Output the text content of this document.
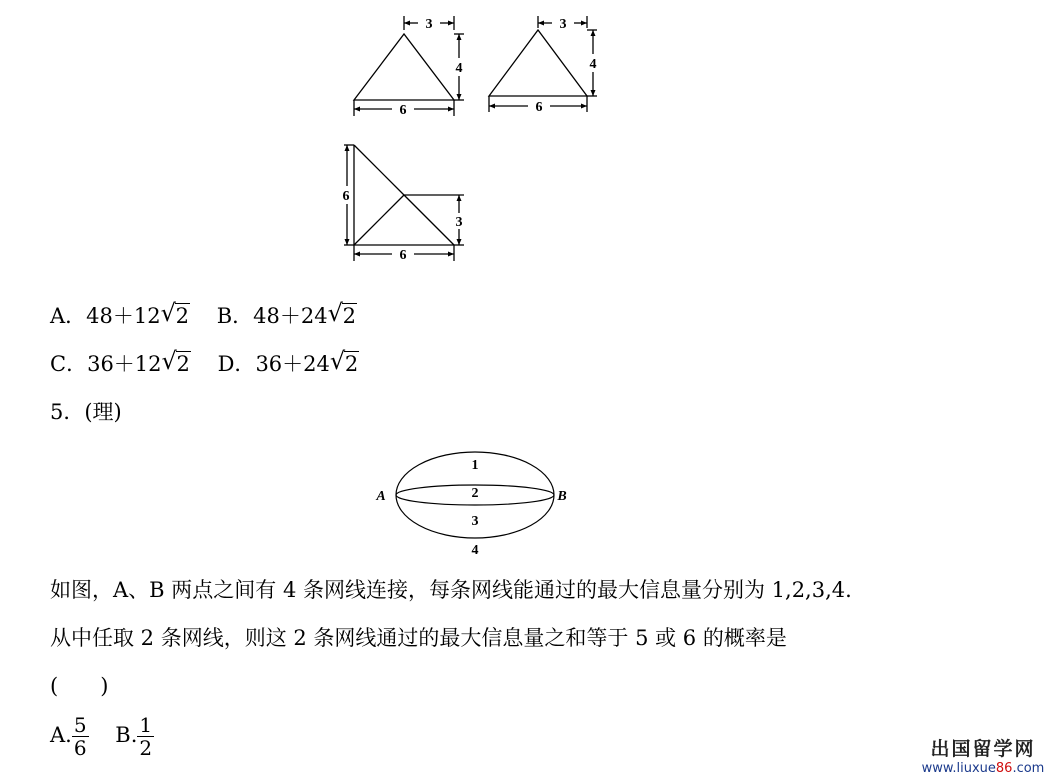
3
4
6
3
4
6
6
3
6
A．48＋12 √ 2 B．48＋24 √ 2
C．36＋12 √ 2 D．36＋24 √ 2
5．(理)
A	B
1
2
3
4
如图，A、B 两点之间有 4 条网线连接，每条网线能通过的最大信息量分别为 1,2,3,4.
从中任取 2 条网线，则这 2 条网线通过的最大信息量之和等于 5 或 6 的概率是
(　　)
A. $\frac{5}{6} B$. $\frac{1}{2}$	出国留学网
www.liuxue86.com
